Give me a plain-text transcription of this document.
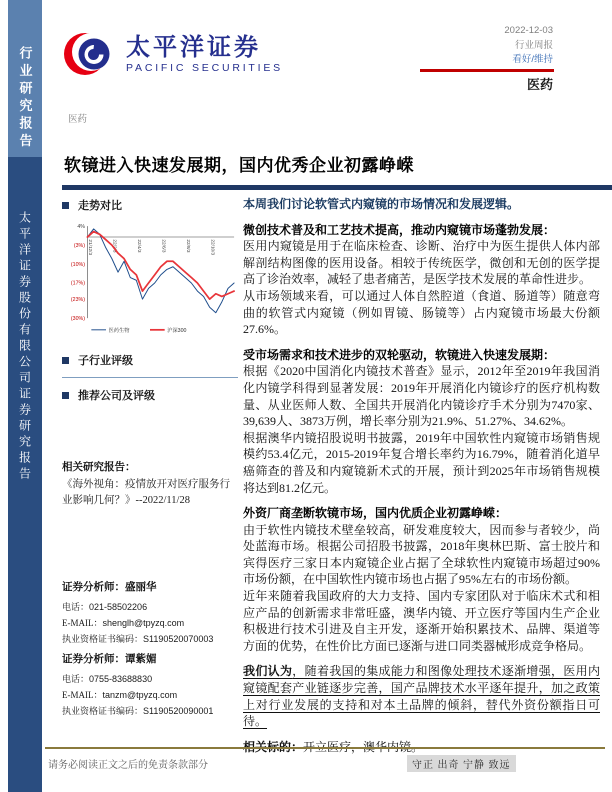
行业研究报告
太平洋证券股份有限公司证券研究报告
太平洋证券
PACIFIC SECURITIES
2022-12-03
行业周报
看好/维持
医药
医药
软镜进入快速发展期，国内优秀企业初露峥嵘
走势对比
4%
(3%)
(10%)
(17%)
(23%)
(30%)
21/12/3	22/2/3	22/4/3	22/6/3	22/8/3	22/10/3
医药生物	沪深300
子行业评级
推荐公司及评级
相关研究报告：
《海外视角：疫情放开对医疗服务行业影响几何？》--2022/11/28
证券分析师：盛丽华
电话：021-58502206
E-MAIL：shenglh@tpyzq.com
执业资格证书编码：S1190520070003
证券分析师：谭紫媚
电话：0755-83688830
E-MAIL：tanzm@tpyzq.com
执业资格证书编码：S1190520090001

本周我们讨论软管式内窥镜的市场情况和发展逻辑。

微创技术普及和工艺技术提高，推动内窥镜市场蓬勃发展：

医用内窥镜是用于在临床检查、诊断、治疗中为医生提供人体内部解剖结构图像的医用设备。相较于传统医学，微创和无创的医学提高了诊治效率，减轻了患者痛苦，是医学技术发展的革命性进步。

从市场领域来看，可以通过人体自然腔道（食道、肠道等）随意弯曲的软管式内窥镜（例如胃镜、肠镜等）占内窥镜市场最大份额27.6%。

受市场需求和技术进步的双轮驱动，软镜进入快速发展期：

根据《2020中国消化内镜技术普查》显示，2012年至2019年我国消化内镜学科得到显著发展：2019年开展消化内镜诊疗的医疗机构数量、从业医师人数、全国共开展消化内镜诊疗手术分别为7470家、39,639人、3873万例，增长率分别为21.9%、51.27%、34.62%。

根据澳华内镜招股说明书披露，2019年中国软性内窥镜市场销售规模约53.4亿元，2015-2019年复合增长率约为16.79%，随着消化道早癌筛查的普及和内窥镜新术式的开展，预计到2025年市场销售规模将达到81.2亿元。

外资厂商垄断软镜市场，国内优质企业初露峥嵘：

由于软性内镜技术壁垒较高，研发难度较大，因而参与者较少，尚处蓝海市场。根据公司招股书披露，2018年奥林巴斯、富士胶片和宾得医疗三家日本内窥镜企业占据了全球软性内窥镜市场超过90%市场份额，在中国软性内镜市场也占据了95%左右的市场份额。

近年来随着我国政府的大力支持、国内专家团队对于临床术式和相应产品的创新需求非常旺盛，澳华内镜、开立医疗等国内生产企业积极进行技术引进及自主开发，逐渐开始积累技术、品牌、渠道等方面的优势，在性价比方面已逐渐与进口同类器械形成竞争格局。

我们认为，随着我国的集成能力和图像处理技术逐渐增强，医用内窥镜配套产业链逐步完善，国产品牌技术水平逐年提升，加之政策上对行业发展的支持和对本土品牌的倾斜，替代外资份额指日可待。

请务必阅读正文之后的免责条款部分	守正 出奇 宁静 致远
